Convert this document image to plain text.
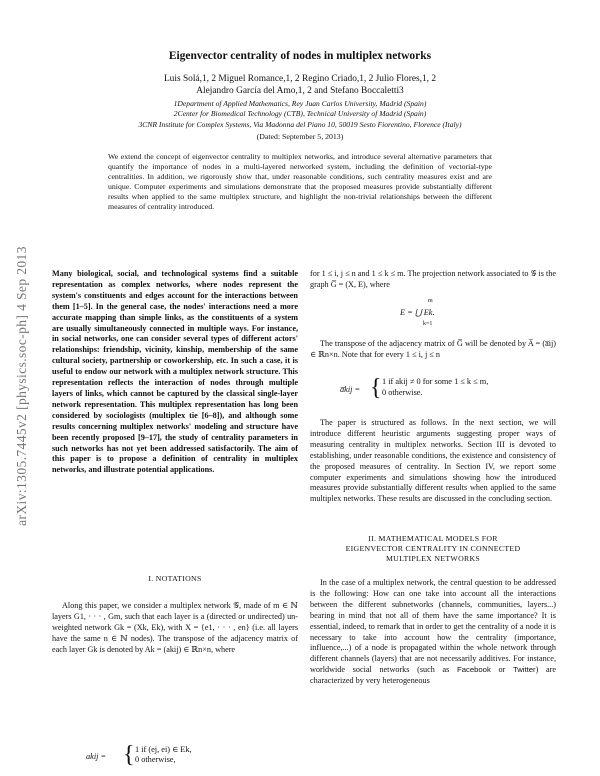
Eigenvector centrality of nodes in multiplex networks
Luis Solá,1, 2 Miguel Romance,1, 2 Regino Criado,1, 2 Julio Flores,1, 2
Alejandro García del Amo,1, 2 and Stefano Boccaletti3
1Department of Applied Mathematics, Rey Juan Carlos University, Madrid (Spain)
2Center for Biomedical Technology (CTB), Technical University of Madrid (Spain)
3CNR Institute for Complex Systems, Via Madonna del Piano 10, 50019 Sesto Fiorentino, Florence (Italy)
(Dated: September 5, 2013)
We extend the concept of eigenvector centrality to multiplex networks, and introduce several alternative parameters that quantify the importance of nodes in a multi-layered networked system, including the definition of vectorial-type centralities. In addition, we rigorously show that, under reasonable conditions, such centrality measures exist and are unique. Computer experiments and simulations demonstrate that the proposed measures provide substantially different results when applied to the same multiplex structure, and highlight the non-trivial relationships between the different measures of centrality introduced.
arXiv:1305.7445v2 [physics.soc-ph] 4 Sep 2013	Many biological, social, and technological systems find a suitable representation as complex networks, where nodes represent the system's constituents and edges account for the interactions between them [1–5]. In the general case, the nodes' interactions need a more accurate mapping than simple links, as the constituents of a system are usually simultaneously connected in multiple ways. For instance, in social networks, one can consider several types of different actors' relationships: friendship, vicinity, kinship, membership of the same cultural society, partnership or coworkership, etc. In such a case, it is useful to endow our network with a multiplex network structure. This representation reflects the interaction of nodes through multiple layers of links, which cannot be captured by the classical single-layer network representation. This multiplex representation has long been considered by sociologists (multiplex tie [6–8]), and although some results concerning multiplex networks' modeling and structure have been recently proposed [9–17], the study of centrality parameters in such networks has not yet been addressed satisfactorily. The aim of this paper is to propose a definition of centrality in multiplex networks, and illustrate potential applications.
I. NOTATIONS
Along this paper, we consider a multiplex network 𝒢, made of m ∈ ℕ layers G1, · · · , Gm, such that each layer is a (directed or undirected) un-weighted network Gk = (Xk, Ek), with X = {e1, · · · , en} (i.e. all layers have the same n ∈ ℕ nodes). The transpose of the adjacency matrix of each layer Gk is denoted by Ak = (akij) ∈ ℝn×n, where
akij = { 1 if (ej, ei) ∈ Ek,
0 otherwise,
for 1 ≤ i, j ≤ n and 1 ≤ k ≤ m. The projection network associated to 𝒢 is the graph G̅ = (X, E), where
m
E = ⋃ Ek.
k=1
The transpose of the adjacency matrix of G̅ will be denoted by A̅ = (a̅ij) ∈ ℝn×n. Note that for every 1 ≤ i, j ≤ n
a̅kij = { 1 if akij ≠ 0 for some 1 ≤ k ≤ m,
0 otherwise.
The paper is structured as follows. In the next section, we will introduce different heuristic arguments suggesting proper ways of measuring centrality in multiplex networks. Section III is devoted to establishing, under reasonable conditions, the existence and consistency of the proposed measures of centrality. In Section IV, we report some computer experiments and simulations showing how the introduced measures provide substantially different results when applied to the same multiplex networks. These results are discussed in the concluding section.
II. MATHEMATICAL MODELS FOR
EIGENVECTOR CENTRALITY IN CONNECTED
MULTIPLEX NETWORKS
In the case of a multiplex network, the central question to be addressed is the following: How can one take into account all the interactions between the different subnetworks (channels, communities, layers...) bearing in mind that not all of them have the same importance? It is essential, indeed, to remark that in order to get the centrality of a node it is necessary to take into account how the centrality (importance, influence,...) of a node is propagated within the whole network through different channels (layers) that are not necessarily additives. For instance, worldwide social networks (such as Facebook or Twitter) are characterized by very heterogeneous
